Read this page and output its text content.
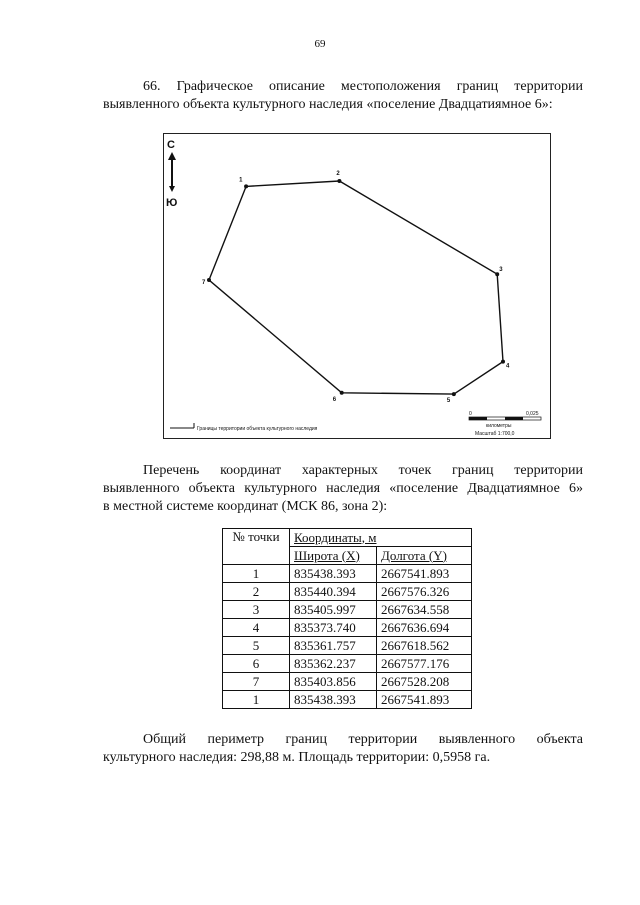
69
66. Графическое описание местоположения границ территории
выявленного объекта культурного наследия «поселение Двадцатиямное 6»:
С
Ю
1
2
3
4
5
6
7
Границы территории объекта культурного наследия
0	0,025
километры
Масштаб 1:700,0
Перечень координат характерных точек границ территории
выявленного объекта культурного наследия «поселение Двадцатиямное 6»
в местной системе координат (МСК 86, зона 2):
№ точки	Координаты, м	
	Широта (X)	Долгота (Y)
1	835438.393	2667541.893
2	835440.394	2667576.326
3	835405.997	2667634.558
4	835373.740	2667636.694
5	835361.757	2667618.562
6	835362.237	2667577.176
7	835403.856	2667528.208
1	835438.393	2667541.893
Общий периметр границ территории выявленного объекта
культурного наследия: 298,88 м. Площадь территории: 0,5958 га.
